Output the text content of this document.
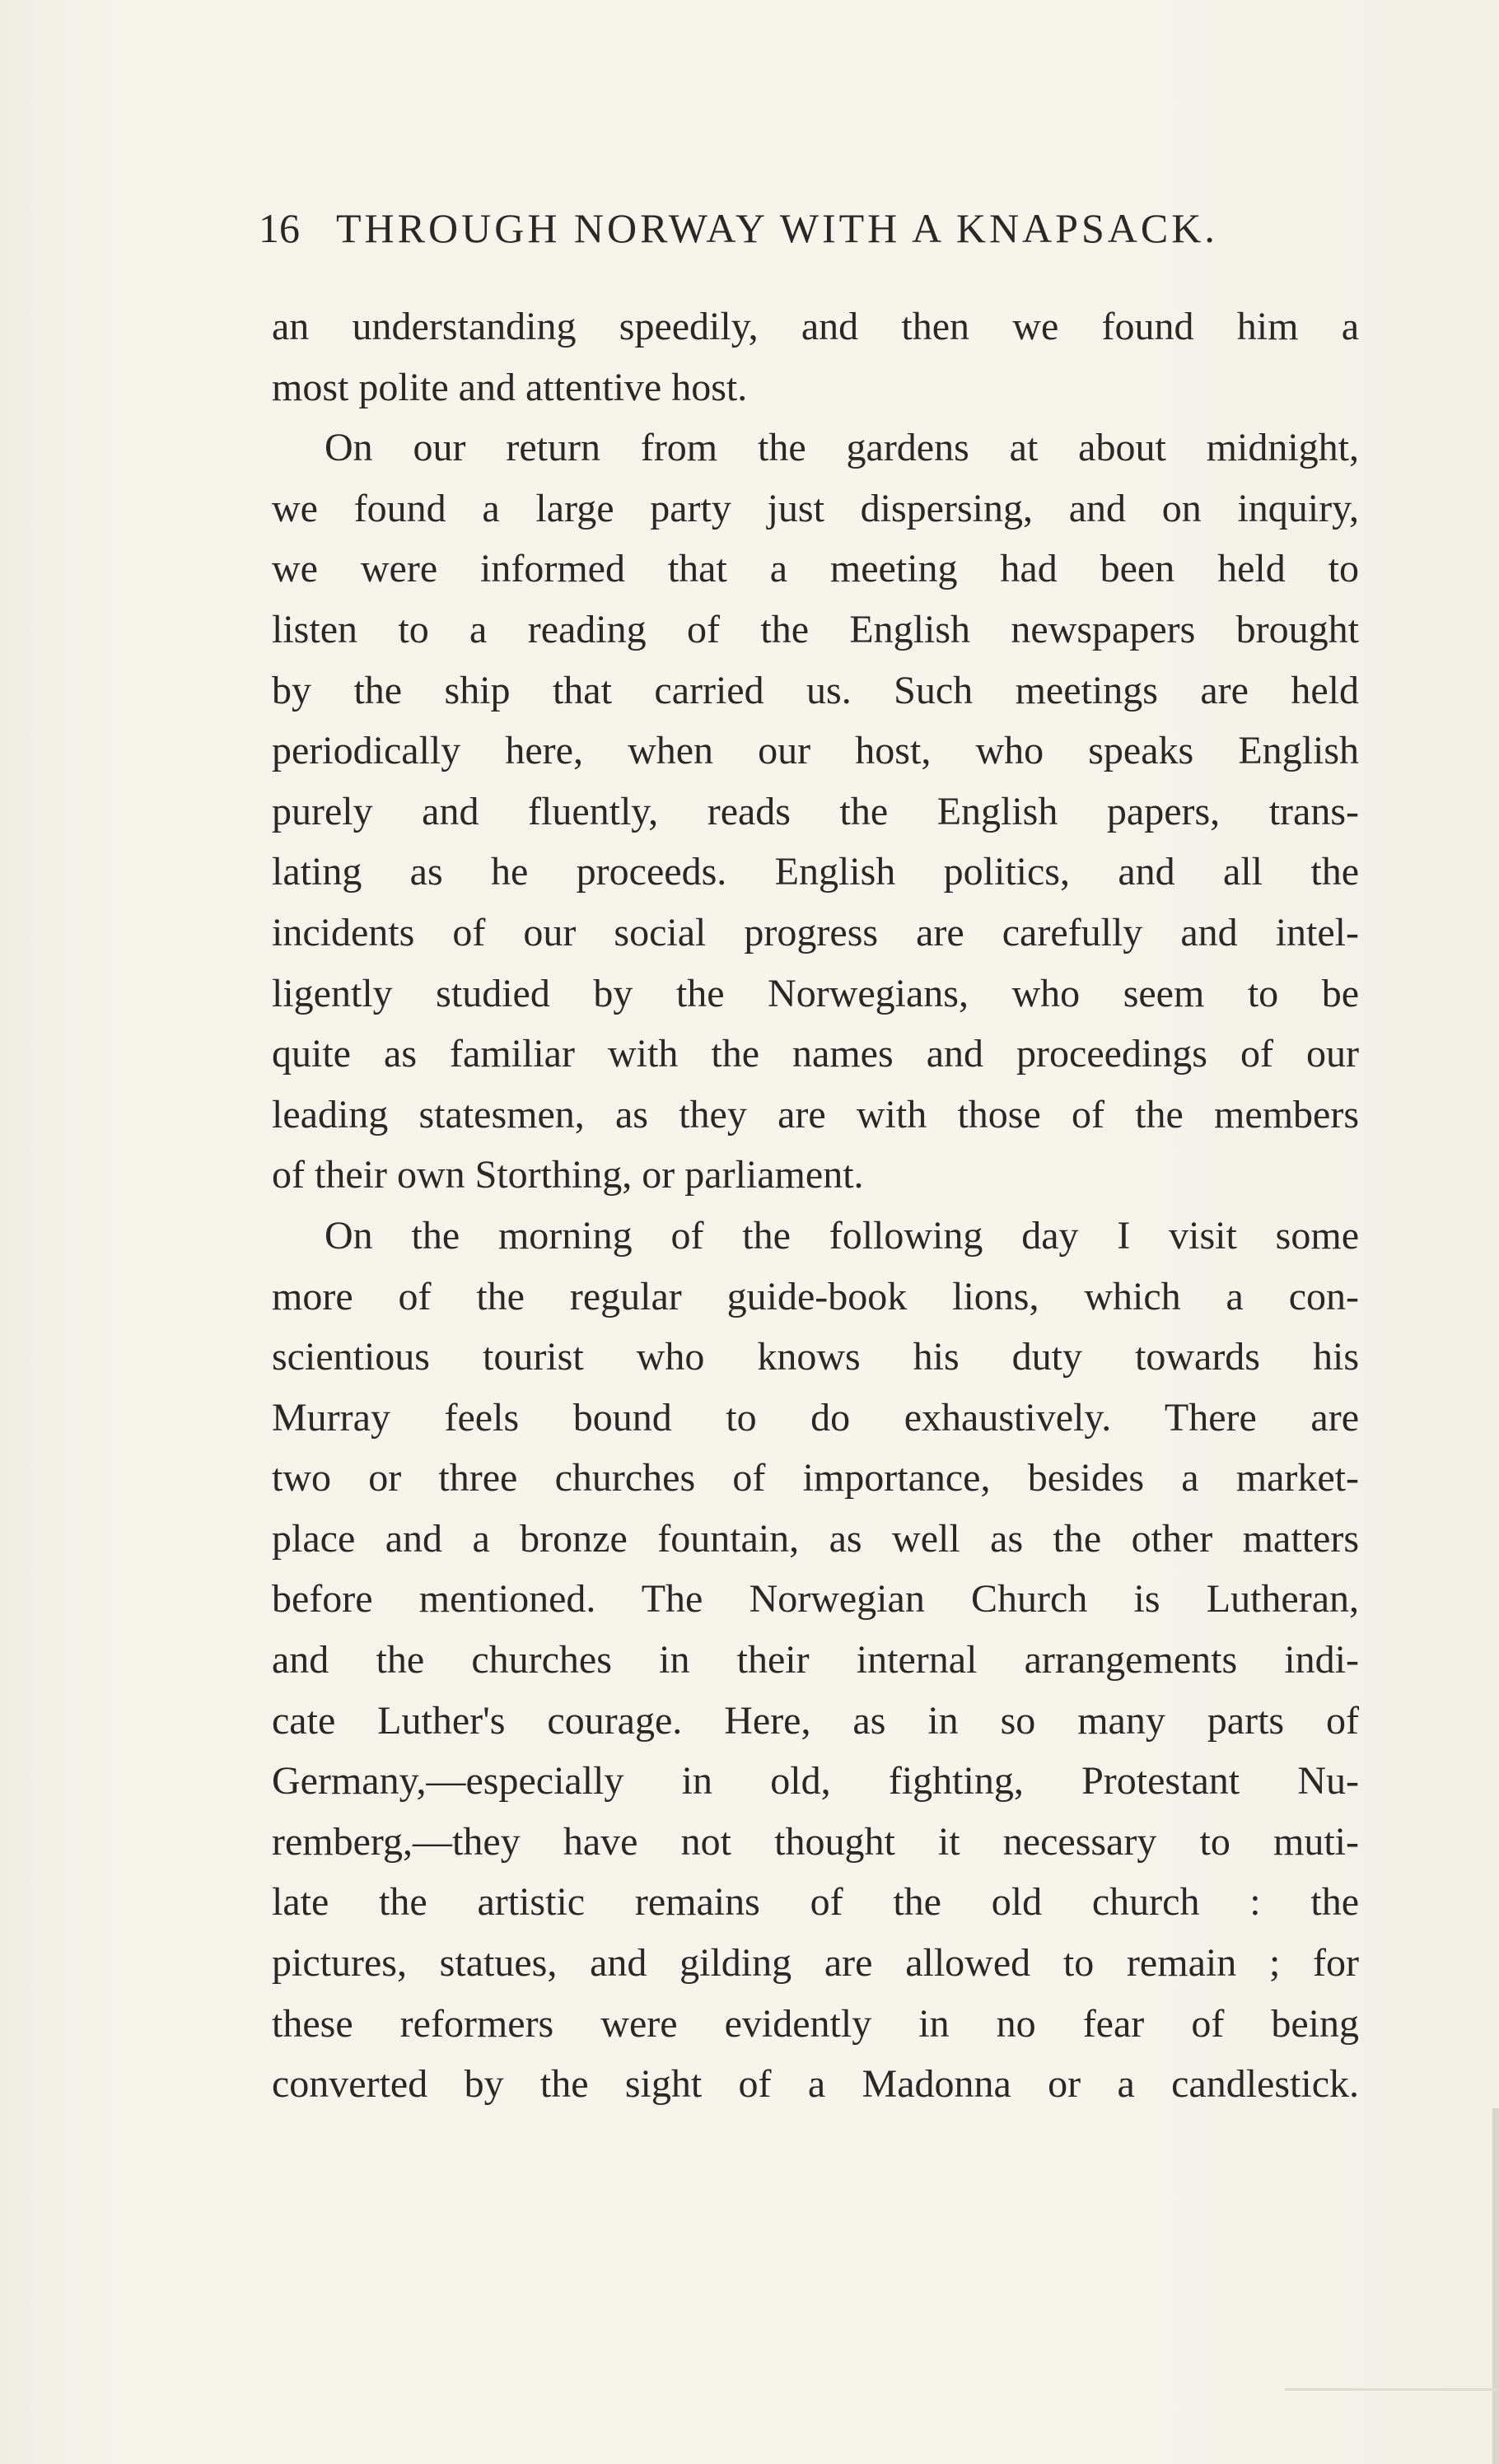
16 THROUGH NORWAY WITH A KNAPSACK.
an understanding speedily, and then we found him a
most polite and attentive host.
On our return from the gardens at about midnight,
we found a large party just dispersing, and on inquiry,
we were informed that a meeting had been held to
listen to a reading of the English newspapers brought
by the ship that carried us. Such meetings are held
periodically here, when our host, who speaks English
purely and fluently, reads the English papers, trans-
lating as he proceeds. English politics, and all the
incidents of our social progress are carefully and intel-
ligently studied by the Norwegians, who seem to be
quite as familiar with the names and proceedings of our
leading statesmen, as they are with those of the members
of their own Storthing, or parliament.
On the morning of the following day I visit some
more of the regular guide-book lions, which a con-
scientious tourist who knows his duty towards his
Murray feels bound to do exhaustively. There are
two or three churches of importance, besides a market-
place and a bronze fountain, as well as the other matters
before mentioned. The Norwegian Church is Lutheran,
and the churches in their internal arrangements indi-
cate Luther's courage. Here, as in so many parts of
Germany,—especially in old, fighting, Protestant Nu-
remberg,—they have not thought it necessary to muti-
late the artistic remains of the old church : the
pictures, statues, and gilding are allowed to remain ; for
these reformers were evidently in no fear of being
converted by the sight of a Madonna or a candlestick.
